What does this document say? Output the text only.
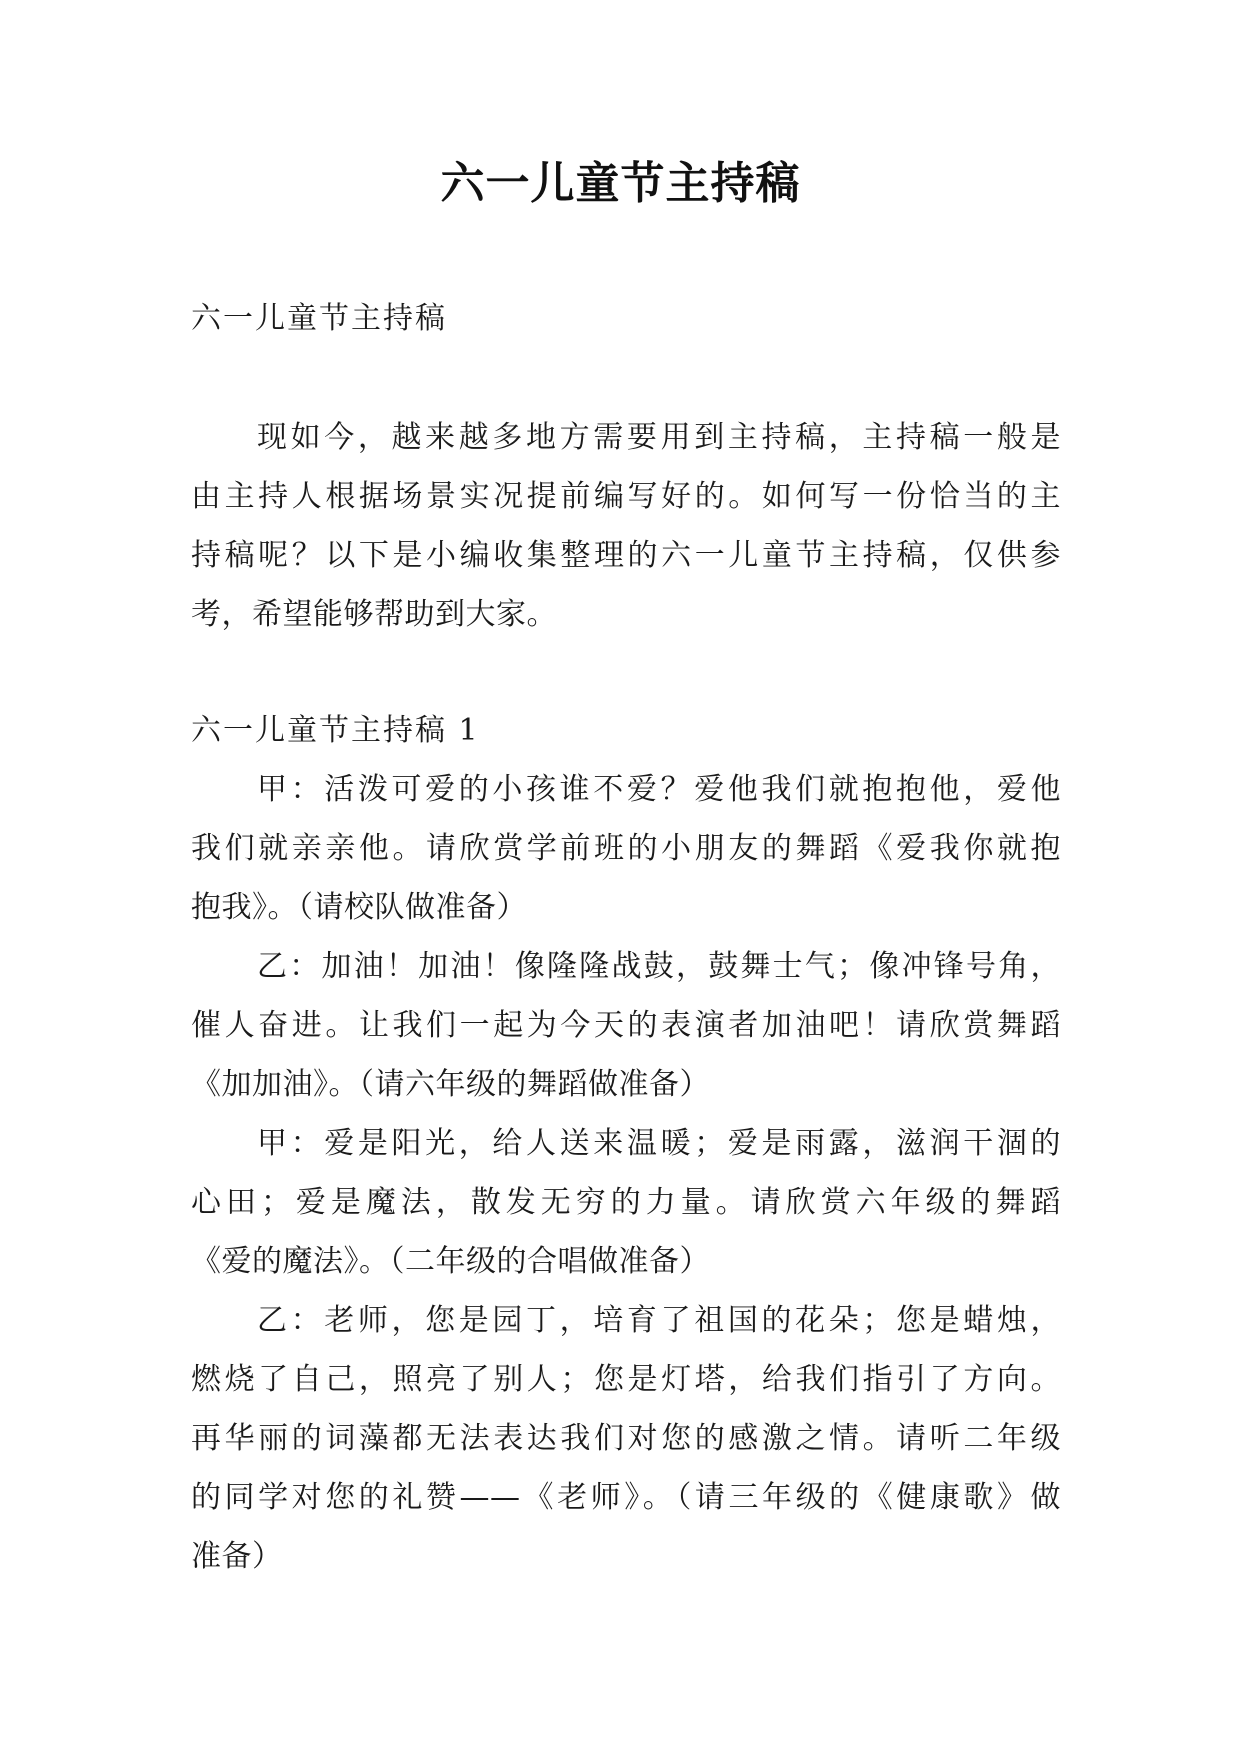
六一儿童节主持稿
六一儿童节主持稿
现如今，越来越多地方需要用到主持稿，主持稿一般是
由主持人根据场景实况提前编写好的。如何写一份恰当的主
持稿呢？以下是小编收集整理的六一儿童节主持稿，仅供参
考，希望能够帮助到大家。
六一儿童节主持稿 1
甲：活泼可爱的小孩谁不爱？爱他我们就抱抱他，爱他
我们就亲亲他。请欣赏学前班的小朋友的舞蹈《爱我你就抱
抱我》。（请校队做准备）
乙：加油！加油！像隆隆战鼓，鼓舞士气；像冲锋号角，
催人奋进。让我们一起为今天的表演者加油吧！请欣赏舞蹈
《加加油》。（请六年级的舞蹈做准备）
甲：爱是阳光，给人送来温暖；爱是雨露，滋润干涸的
心田；爱是魔法，散发无穷的力量。请欣赏六年级的舞蹈
《爱的魔法》。（二年级的合唱做准备）
乙：老师，您是园丁，培育了祖国的花朵；您是蜡烛，
燃烧了自己，照亮了别人；您是灯塔，给我们指引了方向。
再华丽的词藻都无法表达我们对您的感激之情。请听二年级
的同学对您的礼赞——《老师》。（请三年级的《健康歌》做
准备）
